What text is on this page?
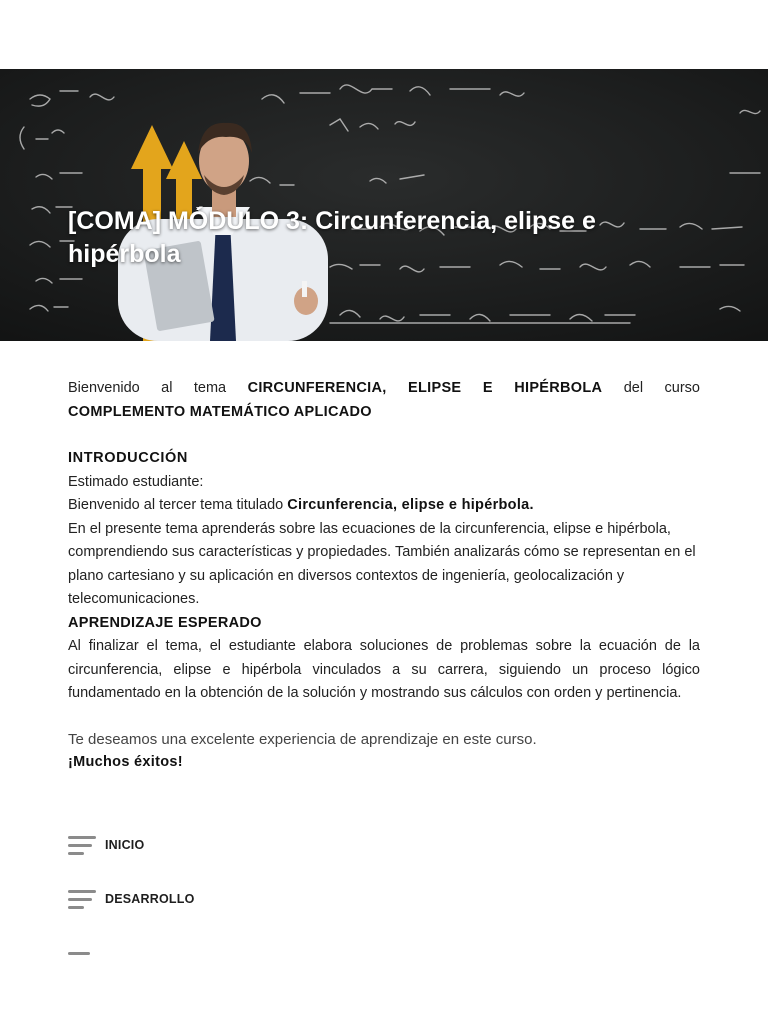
[COMA] MÓDULO 3: Circunferencia, elipse e hipérbola
Bienvenido al tema CIRCUNFERENCIA, ELIPSE E HIPÉRBOLA del curso
COMPLEMENTO MATEMÁTICO APLICADO

INTRODUCCIÓN

Estimado estudiante:

Bienvenido al tercer tema titulado Circunferencia, elipse e hipérbola.

En el presente tema aprenderás sobre las ecuaciones de la circunferencia, elipse e hipérbola, comprendiendo sus características y propiedades. También analizarás cómo se representan en el plano cartesiano y su aplicación en diversos contextos de ingeniería, geolocalización y telecomunicaciones.

APRENDIZAJE ESPERADO

Al finalizar el tema, el estudiante elabora soluciones de problemas sobre la ecuación de la circunferencia, elipse e hipérbola vinculados a su carrera, siguiendo un proceso lógico fundamentado en la obtención de la solución y mostrando sus cálculos con orden y pertinencia.

Te deseamos una excelente experiencia de aprendizaje en este curso.

¡Muchos éxitos!

INICIO
DESARROLLO
